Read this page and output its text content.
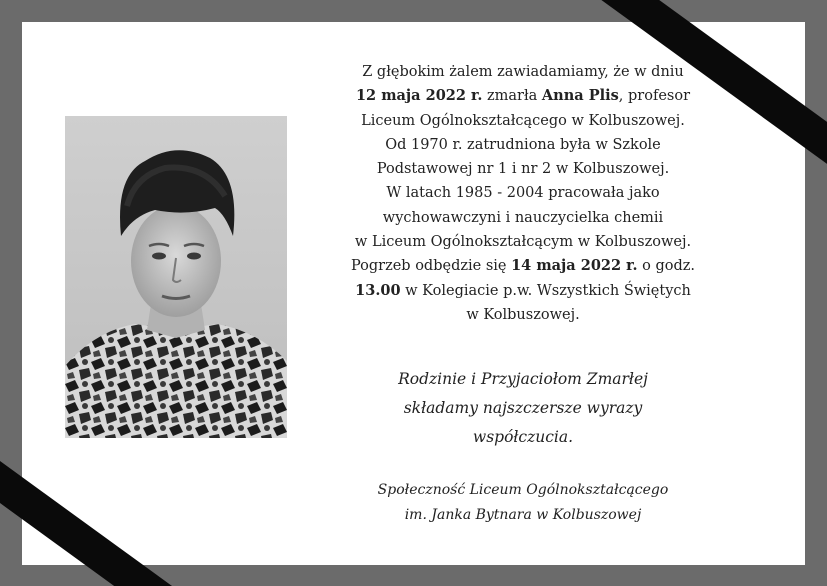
Z głębokim żalem zawiadamiamy, że w dniu
12 maja 2022 r. zmarła Anna Plis, profesor
Liceum Ogólnokształcącego w Kolbuszowej.
Od 1970 r. zatrudniona była w Szkole
Podstawowej nr 1 i nr 2 w Kolbuszowej.
W latach 1985 - 2004 pracowała jako
wychowawczyni i nauczycielka chemii
w Liceum Ogólnokształcącym w Kolbuszowej.
Pogrzeb odbędzie się 14 maja 2022 r. o godz.
13.00 w Kolegiacie p.w. Wszystkich Świętych
w Kolbuszowej.
Rodzinie i Przyjaciołom Zmarłej
składamy najszczersze wyrazy
współczucia.
Społeczność Liceum Ogólnokształcącego
im. Janka Bytnara w Kolbuszowej
